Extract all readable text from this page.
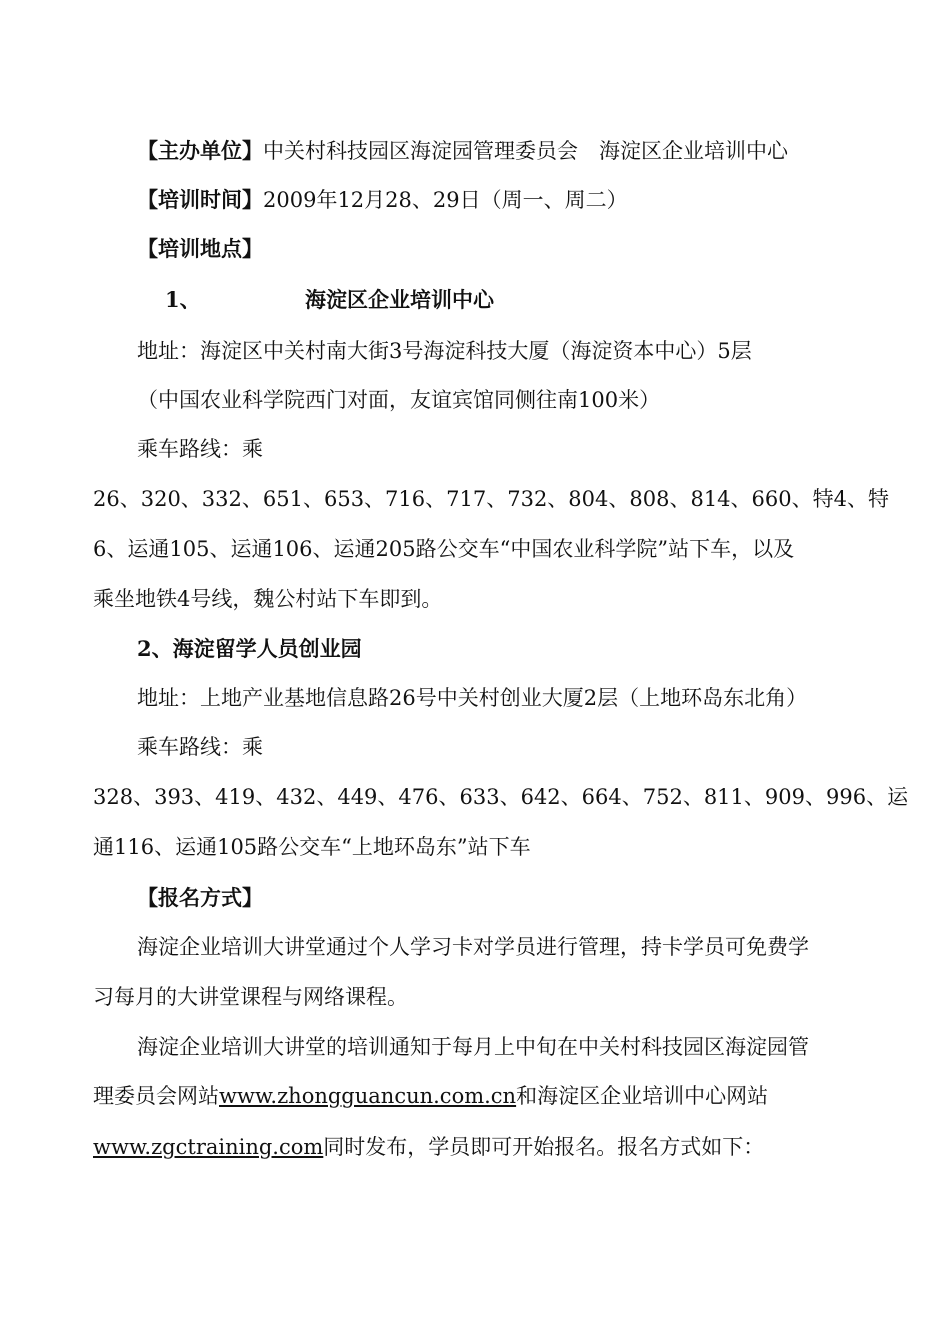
【主办单位】中关村科技园区海淀园管理委员会　海淀区企业培训中心
【培训时间】2009年12月28、29日（周一、周二）
【培训地点】
1、	海淀区企业培训中心
地址：海淀区中关村南大街3号海淀科技大厦（海淀资本中心）5层
（中国农业科学院西门对面，友谊宾馆同侧往南100米）
乘车路线：乘
26、320、332、651、653、716、717、732、804、808、814、660、特4、特
6、运通105、运通106、运通205路公交车“中国农业科学院”站下车，以及
乘坐地铁4号线，魏公村站下车即到。
2、海淀留学人员创业园
地址：上地产业基地信息路26号中关村创业大厦2层（上地环岛东北角）
乘车路线：乘
328、393、419、432、449、476、633、642、664、752、811、909、996、运
通116、运通105路公交车“上地环岛东”站下车
【报名方式】
海淀企业培训大讲堂通过个人学习卡对学员进行管理，持卡学员可免费学
习每月的大讲堂课程与网络课程。
海淀企业培训大讲堂的培训通知于每月上中旬在中关村科技园区海淀园管
理委员会网站www.zhongguancun.com.cn和海淀区企业培训中心网站
www.zgctraining.com同时发布，学员即可开始报名。报名方式如下：
